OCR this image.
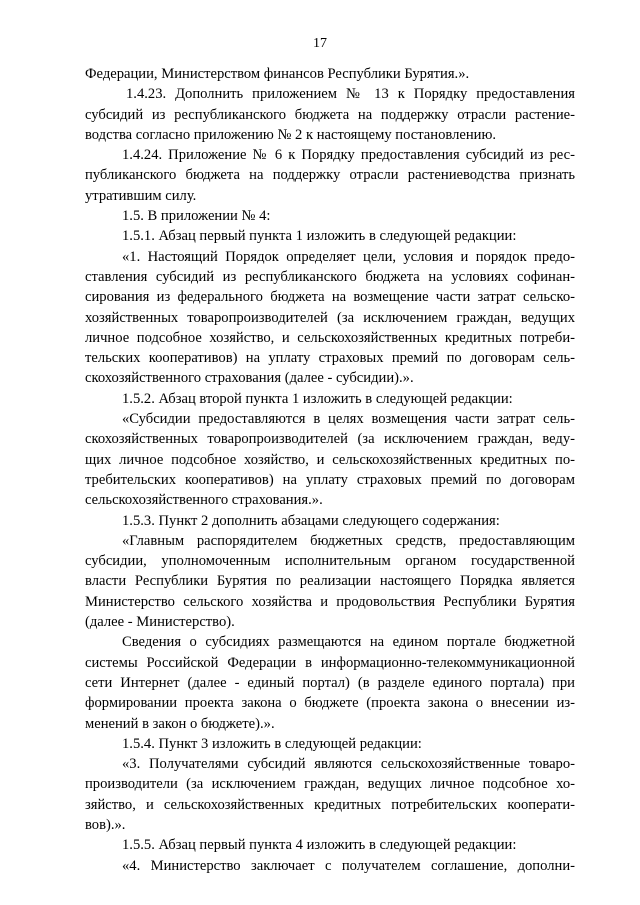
17
Федерации, Министерством финансов Республики Бурятия.».
1.4.23. Дополнить приложением № 13 к Порядку предоставления
субсидий из республиканского бюджета на поддержку отрасли растение-
водства согласно приложению № 2 к настоящему постановлению.
1.4.24. Приложение № 6 к Порядку предоставления субсидий из рес-
публиканского бюджета на поддержку отрасли растениеводства признать
утратившим силу.
1.5. В приложении № 4:
1.5.1. Абзац первый пункта 1 изложить в следующей редакции:
«1. Настоящий Порядок определяет цели, условия и порядок предо-
ставления субсидий из республиканского бюджета на условиях софинан-
сирования из федерального бюджета на возмещение части затрат сельско-
хозяйственных товаропроизводителей (за исключением граждан, ведущих
личное подсобное хозяйство, и сельскохозяйственных кредитных потреби-
тельских кооперативов) на уплату страховых премий по договорам сель-
скохозяйственного страхования (далее - субсидии).».
1.5.2. Абзац второй пункта 1 изложить в следующей редакции:
«Субсидии предоставляются в целях возмещения части затрат сель-
скохозяйственных товаропроизводителей (за исключением граждан, веду-
щих личное подсобное хозяйство, и сельскохозяйственных кредитных по-
требительских кооперативов) на уплату страховых премий по договорам
сельскохозяйственного страхования.».
1.5.3. Пункт 2 дополнить абзацами следующего содержания:
«Главным распорядителем бюджетных средств, предоставляющим
субсидии, уполномоченным исполнительным органом государственной
власти Республики Бурятия по реализации настоящего Порядка является
Министерство сельского хозяйства и продовольствия Республики Бурятия
(далее - Министерство).
Сведения о субсидиях размещаются на едином портале бюджетной
системы Российской Федерации в информационно-телекоммуникационной
сети Интернет (далее - единый портал) (в разделе единого портала) при
формировании проекта закона о бюджете (проекта закона о внесении из-
менений в закон о бюджете).».
1.5.4. Пункт 3 изложить в следующей редакции:
«3. Получателями субсидий являются сельскохозяйственные товаро-
производители (за исключением граждан, ведущих личное подсобное хо-
зяйство, и сельскохозяйственных кредитных потребительских кооперати-
вов).».
1.5.5. Абзац первый пункта 4 изложить в следующей редакции:
«4. Министерство заключает с получателем соглашение, дополни-
